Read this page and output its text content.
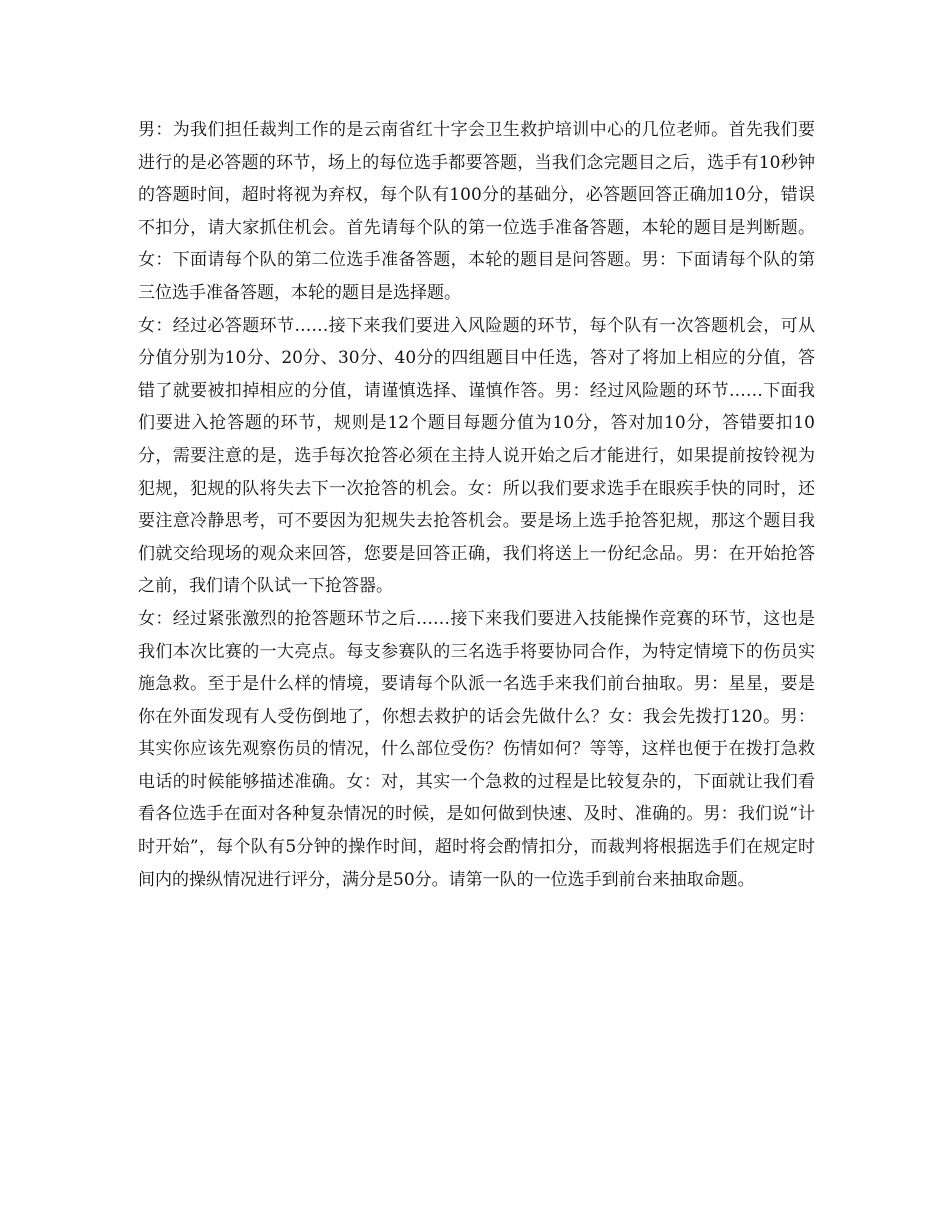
男：为我们担任裁判工作的是云南省红十字会卫生救护培训中心的几位老师。首先我们要进行的是必答题的环节，场上的每位选手都要答题，当我们念完题目之后，选手有10秒钟的答题时间，超时将视为弃权，每个队有100分的基础分，必答题回答正确加10分，错误不扣分，请大家抓住机会。首先请每个队的第一位选手准备答题，本轮的题目是判断题。女：下面请每个队的第二位选手准备答题，本轮的题目是问答题。男：下面请每个队的第三位选手准备答题，本轮的题目是选择题。

女：经过必答题环节……接下来我们要进入风险题的环节，每个队有一次答题机会，可从分值分别为10分、20分、30分、40分的四组题目中任选，答对了将加上相应的分值，答错了就要被扣掉相应的分值，请谨慎选择、谨慎作答。男：经过风险题的环节……下面我们要进入抢答题的环节，规则是12个题目每题分值为10分，答对加10分，答错要扣10分，需要注意的是，选手每次抢答必须在主持人说开始之后才能进行，如果提前按铃视为犯规，犯规的队将失去下一次抢答的机会。女：所以我们要求选手在眼疾手快的同时，还要注意冷静思考，可不要因为犯规失去抢答机会。要是场上选手抢答犯规，那这个题目我们就交给现场的观众来回答，您要是回答正确，我们将送上一份纪念品。男：在开始抢答之前，我们请个队试一下抢答器。

女：经过紧张激烈的抢答题环节之后……接下来我们要进入技能操作竞赛的环节，这也是我们本次比赛的一大亮点。每支参赛队的三名选手将要协同合作，为特定情境下的伤员实施急救。至于是什么样的情境，要请每个队派一名选手来我们前台抽取。男：星星，要是你在外面发现有人受伤倒地了，你想去救护的话会先做什么？女：我会先拨打120。男：其实你应该先观察伤员的情况，什么部位受伤？伤情如何？等等，这样也便于在拨打急救电话的时候能够描述准确。女：对，其实一个急救的过程是比较复杂的，下面就让我们看看各位选手在面对各种复杂情况的时候，是如何做到快速、及时、准确的。男：我们说“计时开始”，每个队有5分钟的操作时间，超时将会酌情扣分，而裁判将根据选手们在规定时间内的操纵情况进行评分，满分是50分。请第一队的一位选手到前台来抽取命题。
